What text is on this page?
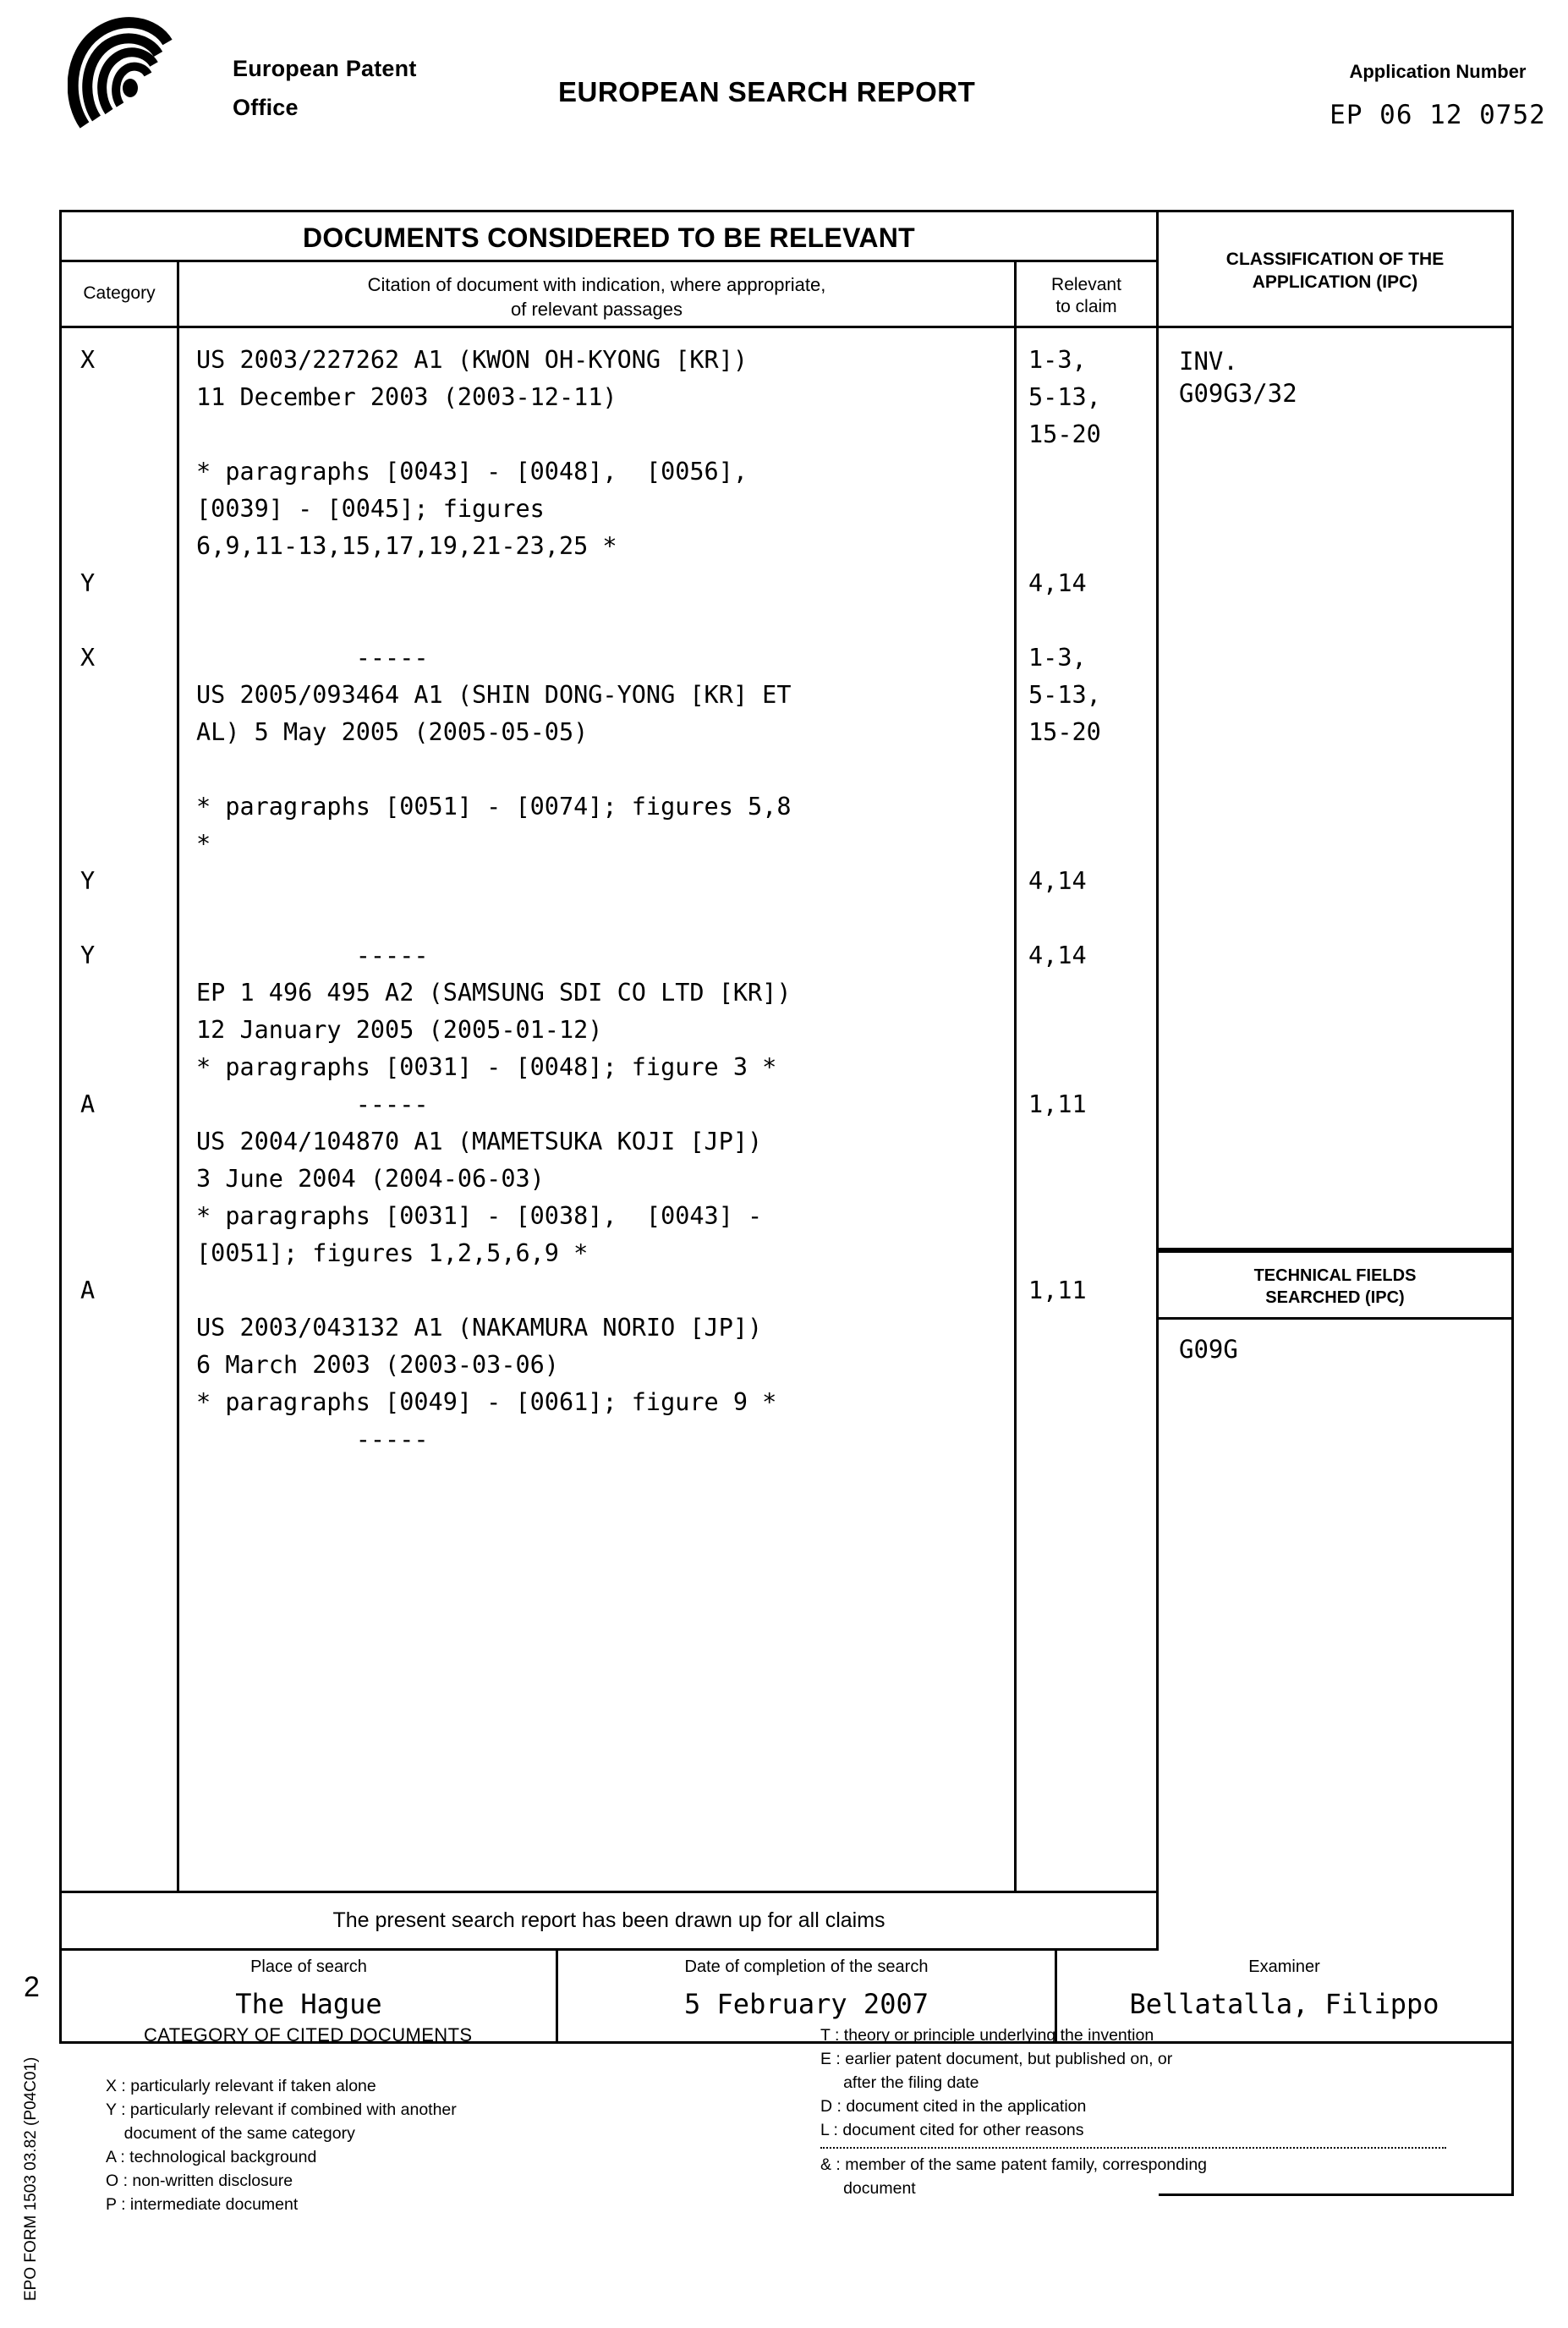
European Patent
Office	EUROPEAN SEARCH REPORT
Application Number
EP 06 12 0752
DOCUMENTS CONSIDERED TO BE RELEVANT
Category	Citation of document with indication, where appropriate,
of relevant passages
Relevant
to claim
CLASSIFICATION OF THE
APPLICATION (IPC)
X

Y

X

Y

Y

A

A
US 2003/227262 A1 (KWON OH-KYONG [KR])
11 December 2003 (2003-12-11)

* paragraphs [0043] - [0048],  [0056],
[0039] - [0045]; figures
6,9,11-13,15,17,19,21-23,25 *

-----
US 2005/093464 A1 (SHIN DONG-YONG [KR] ET
AL) 5 May 2005 (2005-05-05)

* paragraphs [0051] - [0074]; figures 5,8
*

-----
EP 1 496 495 A2 (SAMSUNG SDI CO LTD [KR])
12 January 2005 (2005-01-12)
* paragraphs [0031] - [0048]; figure 3 *
-----
US 2004/104870 A1 (MAMETSUKA KOJI [JP])
3 June 2004 (2004-06-03)
* paragraphs [0031] - [0038],  [0043] -
[0051]; figures 1,2,5,6,9 *

US 2003/043132 A1 (NAKAMURA NORIO [JP])
6 March 2003 (2003-03-06)
* paragraphs [0049] - [0061]; figure 9 *
-----
1-3,
5-13,
15-20

4,14

1-3,
5-13,
15-20

4,14

4,14

1,11

1,11
INV.
G09G3/32
TECHNICAL FIELDS
SEARCHED (IPC)
G09G
The present search report has been drawn up for all claims
Place of search
The Hague
Date of completion of the search
5 February 2007
Examiner
Bellatalla, Filippo
CATEGORY OF CITED DOCUMENTS
X : particularly relevant if taken alone
Y : particularly relevant if combined with another
document of the same category
A : technological background
O : non-written disclosure
P : intermediate document
T : theory or principle underlying the invention
E : earlier patent document, but published on, or
after the filing date
D : document cited in the application
L : document cited for other reasons
& : member of the same patent family, corresponding
document
2
EPO FORM 1503 03.82 (P04C01)
